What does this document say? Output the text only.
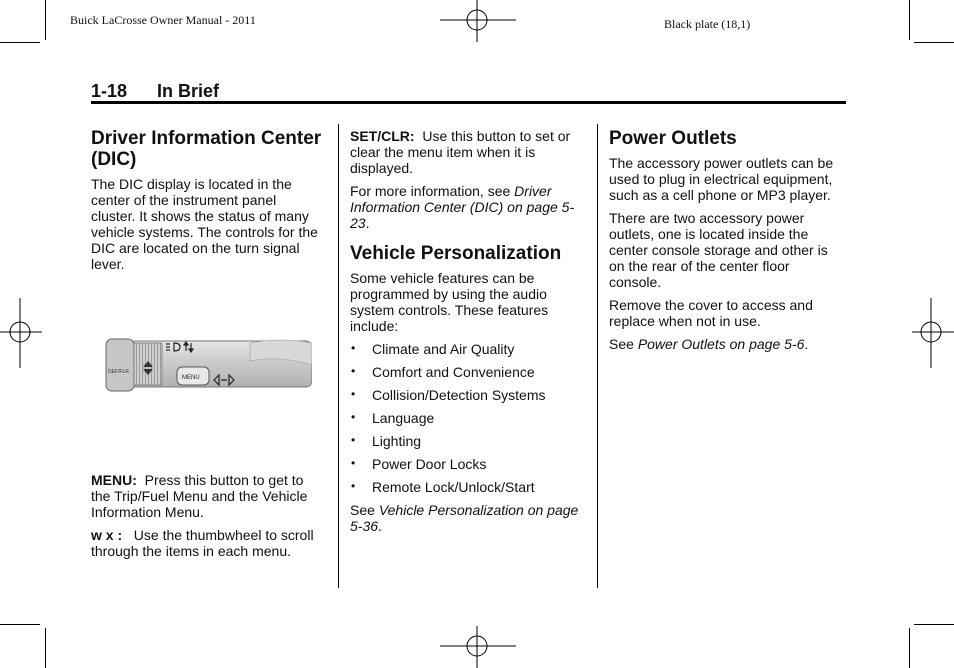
Buick LaCrosse Owner Manual - 2011	Black plate (18,1)
1-18 In Brief
Driver Information Center (DIC)

The DIC display is located in the center of the instrument panel cluster. It shows the status of many vehicle systems. The controls for the DIC are located on the turn signal lever.

DEF/FLR
MENU

MENU: Press this button to get to the Trip/Fuel Menu and the Vehicle Information Menu.

w x : Use the thumbwheel to scroll through the items in each menu.

SET/CLR: Use this button to set or clear the menu item when it is displayed.

For more information, see Driver Information Center (DIC) on page 5-23.

Vehicle Personalization

Some vehicle features can be programmed by using the audio system controls. These features include:

• Climate and Air Quality
• Comfort and Convenience
• Collision/Detection Systems
• Language
• Lighting
• Power Door Locks
• Remote Lock/Unlock/Start

See Vehicle Personalization on page 5-36.

Power Outlets

The accessory power outlets can be used to plug in electrical equipment, such as a cell phone or MP3 player.

There are two accessory power outlets, one is located inside the center console storage and other is on the rear of the center floor console.

Remove the cover to access and replace when not in use.

See Power Outlets on page 5-6.
